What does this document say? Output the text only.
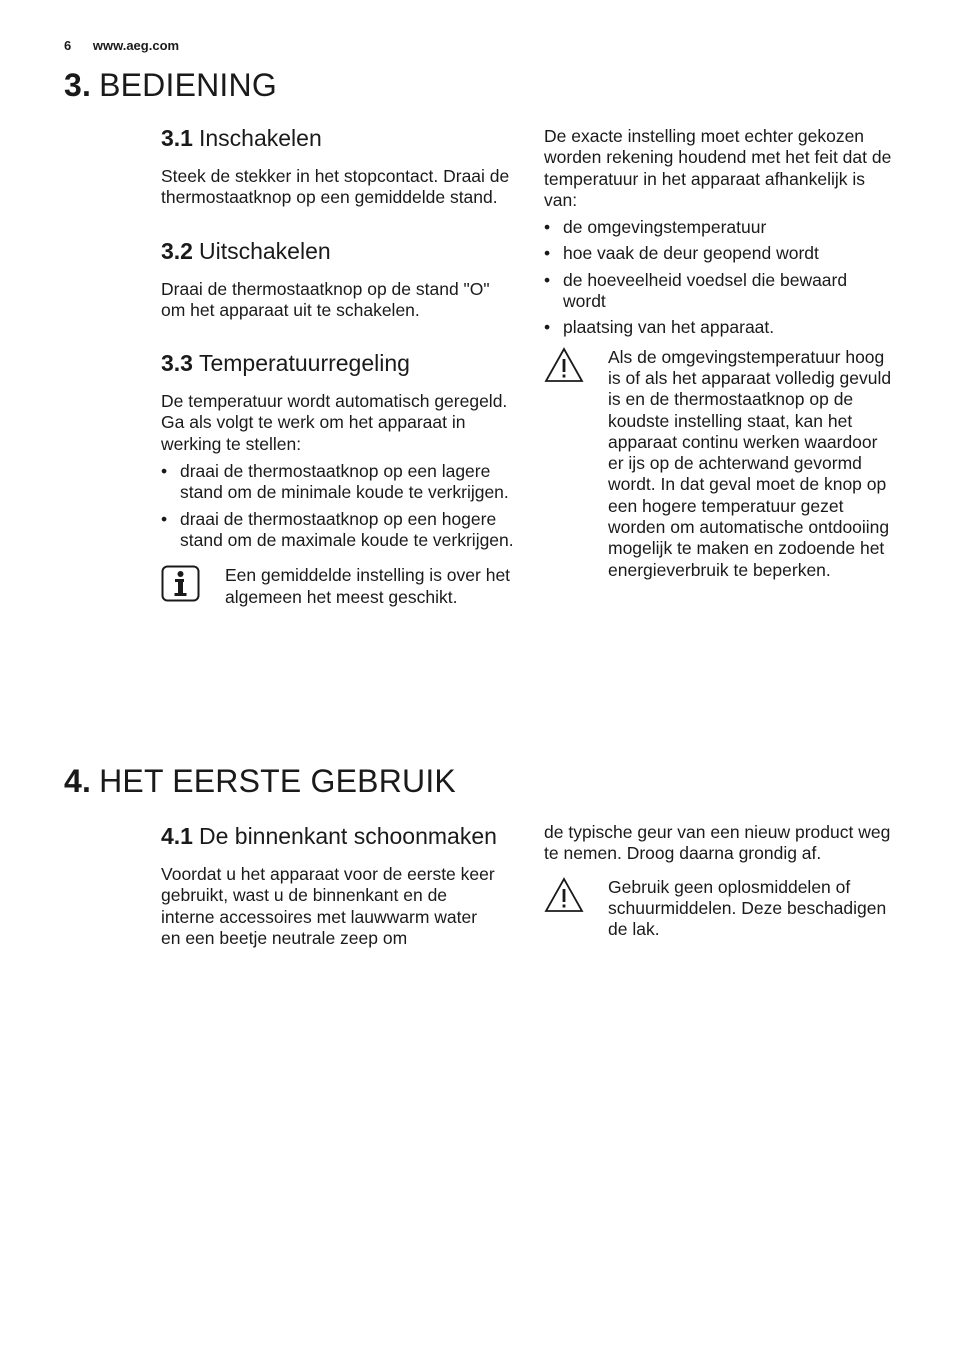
6 www.aeg.com
3. BEDIENING
3.1 Inschakelen

Steek de stekker in het stopcontact. Draai de thermostaatknop op een gemiddelde stand.

3.2 Uitschakelen

Draai de thermostaatknop op de stand "O" om het apparaat uit te schakelen.

3.3 Temperatuurregeling

De temperatuur wordt automatisch geregeld.

Ga als volgt te werk om het apparaat in werking te stellen:

• draai de thermostaatknop op een lagere stand om de minimale koude te verkrijgen.
• draai de thermostaatknop op een hogere stand om de maximale koude te verkrijgen.

Een gemiddelde instelling is over het algemeen het meest geschikt.

De exacte instelling moet echter gekozen worden rekening houdend met het feit dat de temperatuur in het apparaat afhankelijk is van:

• de omgevingstemperatuur
• hoe vaak de deur geopend wordt
• de hoeveelheid voedsel die bewaard wordt
• plaatsing van het apparaat.

Als de omgevingstemperatuur hoog is of als het apparaat volledig gevuld is en de thermostaatknop op de koudste instelling staat, kan het apparaat continu werken waardoor er ijs op de achterwand gevormd wordt. In dat geval moet de knop op een hogere temperatuur gezet worden om automatische ontdooiing mogelijk te maken en zodoende het energieverbruik te beperken.

4. HET EERSTE GEBRUIK
4.1 De binnenkant schoonmaken

Voordat u het apparaat voor de eerste keer gebruikt, wast u de binnenkant en de interne accessoires met lauwwarm water en een beetje neutrale zeep om

de typische geur van een nieuw product weg te nemen. Droog daarna grondig af.

Gebruik geen oplosmiddelen of schuurmiddelen. Deze beschadigen de lak.
